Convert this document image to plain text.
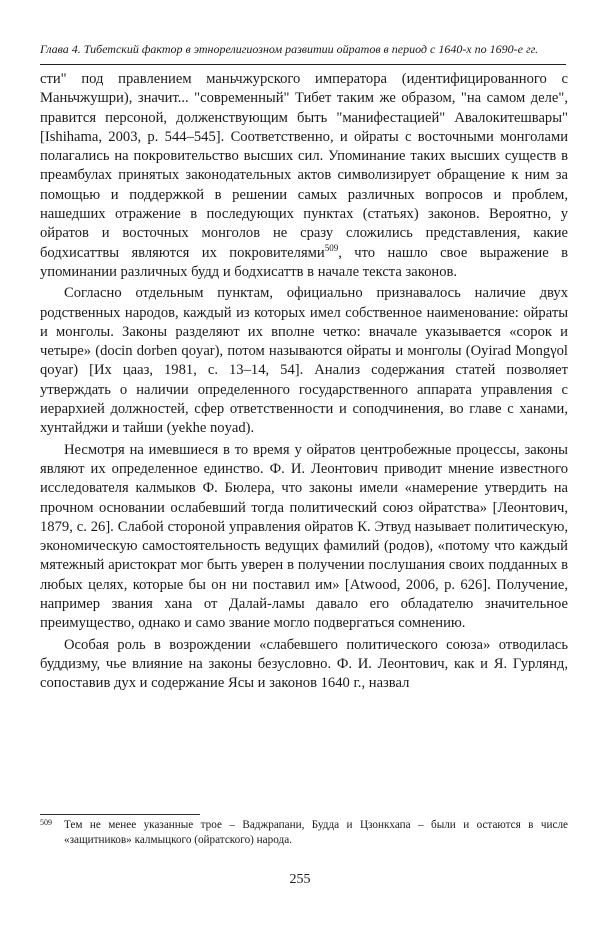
Глава 4. Тибетский фактор в этнорелигиозном развитии ойратов в период с 1640-х по 1690-е гг.

сти" под правлением маньчжурского императора (идентифицированного с Маньчжушри), значит... "современный" Тибет таким же образом, "на самом деле", правится персоной, долженствующим быть "манифестацией" Авалокитешвары" [Ishihama, 2003, p. 544–545]. Соответственно, и ойраты с восточными монголами полагались на покровительство высших сил. Упоминание таких высших существ в преамбулах принятых законодательных актов символизирует обращение к ним за помощью и поддержкой в решении самых различных вопросов и проблем, нашедших отражение в последующих пунктах (статьях) законов. Вероятно, у ойратов и восточных монголов не сразу сложились представления, какие бодхисаттвы являются их покровителями$^{509}$, что нашло свое выражение в упоминании различных будд и бодхисаттв в начале текста законов.

Согласно отдельным пунктам, официально признавалось наличие двух родственных народов, каждый из которых имел собственное наименование: ойраты и монголы. Законы разделяют их вполне четко: вначале указывается «сорок и четыре» (docin dorben qoyar), потом называются ойраты и монголы (Oyirad Mongγol qoyar) [Их цааз, 1981, с. 13–14, 54]. Анализ содержания статей позволяет утверждать о наличии определенного государственного аппарата управления с иерархией должностей, сфер ответственности и соподчинения, во главе с ханами, хунтайджи и тайши (yekhe noyad).

Несмотря на имевшиеся в то время у ойратов центробежные процессы, законы являют их определенное единство. Ф. И. Леонтович приводит мнение известного исследователя калмыков Ф. Бюлера, что законы имели «намерение утвердить на прочном основании ослабевший тогда политический союз ойратства» [Леонтович, 1879, с. 26]. Слабой стороной управления ойратов К. Этвуд называет политическую, экономическую самостоятельность ведущих фамилий (родов), «потому что каждый мятежный аристократ мог быть уверен в получении послушания своих подданных в любых целях, которые бы он ни поставил им» [Atwood, 2006, p. 626]. Получение, например звания хана от Далай-ламы давало его обладателю значительное преимущество, однако и само звание могло подвергаться сомнению.

Особая роль в возрождении «слабевшего политического союза» отводилась буддизму, чье влияние на законы безусловно. Ф. И. Леонтович, как и Я. Гурлянд, сопоставив дух и содержание Ясы и законов 1640 г., назвал

509 Тем не менее указанные трое – Ваджрапани, Будда и Цзонкхапа – были и остаются в числе «защитников» калмыцкого (ойратского) народа.
255
